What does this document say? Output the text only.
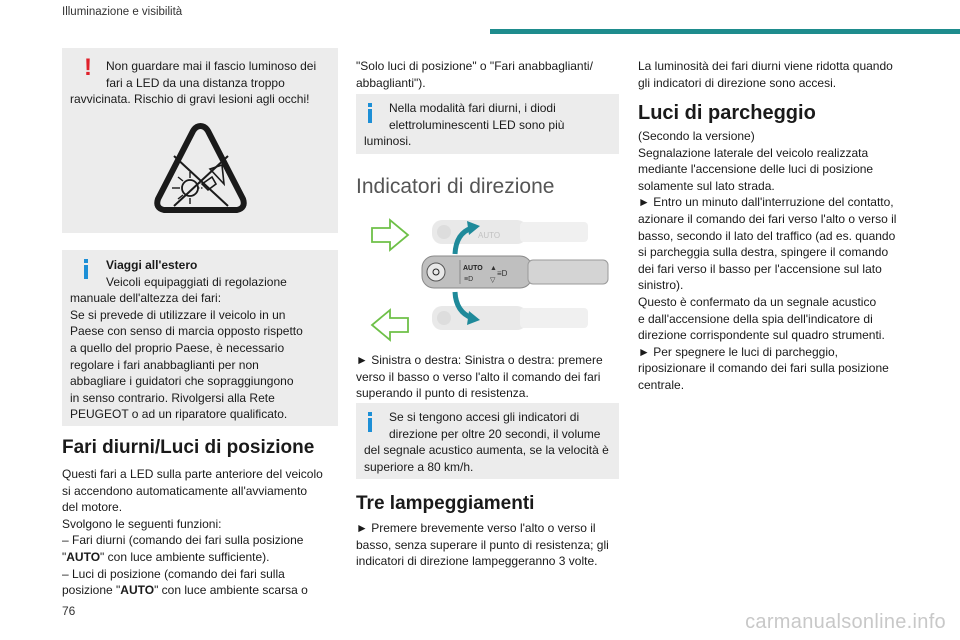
Illuminazione e visibilità
! Non guardare mai il fascio luminoso dei
fari a LED da una distanza troppo
ravvicinata. Rischio di gravi lesioni agli occhi!
Viaggi all'estero
Veicoli equipaggiati di regolazione
manuale dell'altezza dei fari:
Se si prevede di utilizzare il veicolo in un
Paese con senso di marcia opposto rispetto
a quello del proprio Paese, è necessario
regolare i fari anabbaglianti per non
abbagliare i guidatori che sopraggiungono
in senso contrario. Rivolgersi alla Rete
PEUGEOT o ad un riparatore qualificato.
Fari diurni/Luci di posizione
Questi fari a LED sulla parte anteriore del veicolo
si accendono automaticamente all'avviamento
del motore.
Svolgono le seguenti funzioni:
– Fari diurni (comando dei fari sulla posizione
"AUTO" con luce ambiente sufficiente).
– Luci di posizione (comando dei fari sulla
posizione "AUTO" con luce ambiente scarsa o
"Solo luci di posizione" o "Fari anabbaglianti/
abbaglianti").
Nella modalità fari diurni, i diodi
elettroluminescenti LED sono più
luminosi.
Indicatori di direzione
AUTO
AUTO
≡D
▲
▽
≡D
► Sinistra o destra: Sinistra o destra: premere
verso il basso o verso l'alto il comando dei fari
superando il punto di resistenza.
Se si tengono accesi gli indicatori di
direzione per oltre 20 secondi, il volume
del segnale acustico aumenta, se la velocità è
superiore a 80 km/h.
Tre lampeggiamenti
► Premere brevemente verso l'alto o verso il
basso, senza superare il punto di resistenza; gli
indicatori di direzione lampeggeranno 3 volte.
La luminosità dei fari diurni viene ridotta quando
gli indicatori di direzione sono accesi.
Luci di parcheggio
(Secondo la versione)
Segnalazione laterale del veicolo realizzata
mediante l'accensione delle luci di posizione
solamente sul lato strada.
► Entro un minuto dall'interruzione del contatto,
azionare il comando dei fari verso l'alto o verso il
basso, secondo il lato del traffico (ad es. quando
si parcheggia sulla destra, spingere il comando
dei fari verso il basso per l'accensione sul lato
sinistro).
Questo è confermato da un segnale acustico
e dall'accensione della spia dell'indicatore di
direzione corrispondente sul quadro strumenti.
► Per spegnere le luci di parcheggio,
riposizionare il comando dei fari sulla posizione
centrale.
76	carmanualsonline.info
